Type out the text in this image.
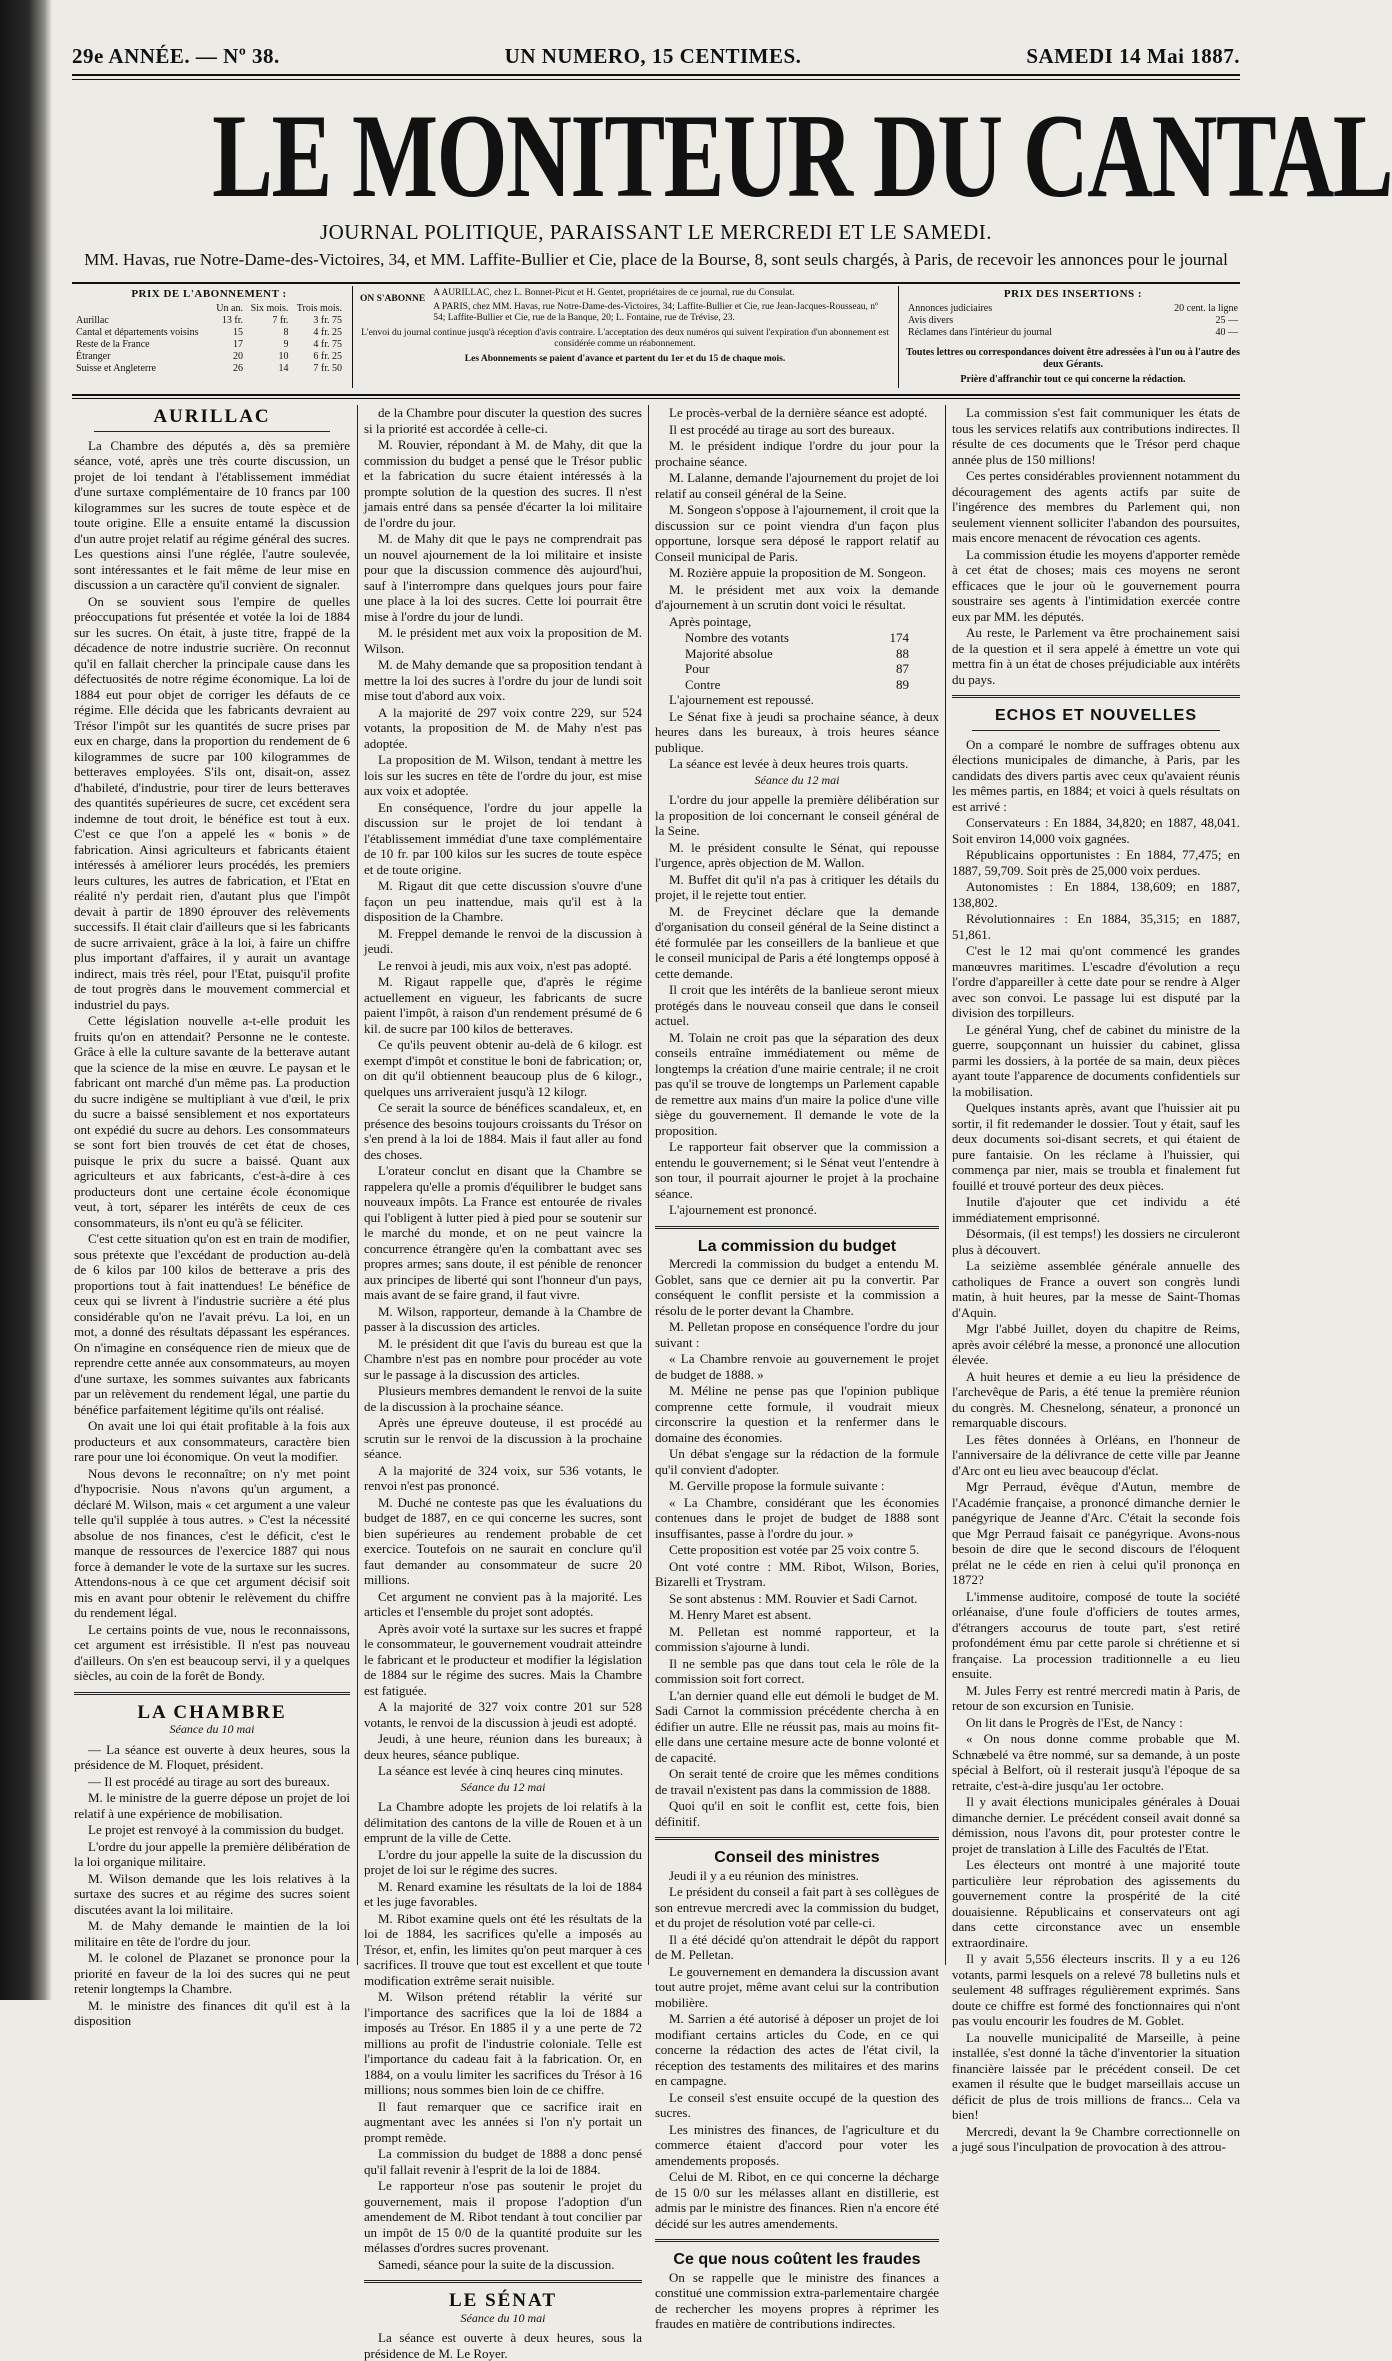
29e ANNÉE. — Nº 38.	UN NUMERO, 15 CENTIMES.	SAMEDI 14 Mai 1887.
LE MONITEUR DU CANTAL
JOURNAL POLITIQUE, PARAISSANT LE MERCREDI ET LE SAMEDI.
MM. Havas, rue Notre-Dame-des-Victoires, 34, et MM. Laffite-Bullier et Cie, place de la Bourse, 8, sont seuls chargés, à Paris, de recevoir les annonces pour le journal
PRIX DE L'ABONNEMENT :
	Un an.	Six mois.	Trois mois.
Aurillac	13 fr.	7 fr.	3 fr. 75
Cantal et départements voisins	15	8	4 fr. 25
Reste de la France	17	9	4 fr. 75
Étranger	20	10	6 fr. 25
Suisse et Angleterre	26	14	7 fr. 50
ON S'ABONNE
A AURILLAC, chez L. Bonnet-Picut et H. Gentet, propriétaires de ce journal, rue du Consulat.
A PARIS, chez MM. Havas, rue Notre-Dame-des-Victoires, 34; Laffite-Bullier et Cie, rue Jean-Jacques-Rousseau, nº 54; Laffite-Bullier et Cie, rue de la Banque, 20; L. Fontaine, rue de Trévise, 23.
L'envoi du journal continue jusqu'à réception d'avis contraire. L'acceptation des deux numéros qui suivent l'expiration d'un abonnement est considérée comme un réabonnement.
Les Abonnements se paient d'avance et partent du 1er et du 15 de chaque mois.
PRIX DES INSERTIONS :
Annonces judiciaires	20 cent. la ligne
Avis divers	25 —
Réclames dans l'intérieur du journal	40 —
Toutes lettres ou correspondances doivent être adressées à l'un ou à l'autre des deux Gérants.
Prière d'affranchir tout ce qui concerne la rédaction.

AURILLAC

La Chambre des députés a, dès sa première séance, voté, après une très courte discussion, un projet de loi tendant à l'établissement immédiat d'une surtaxe complémentaire de 10 francs par 100 kilogrammes sur les sucres de toute espèce et de toute origine. Elle a ensuite entamé la discussion d'un autre projet relatif au régime général des sucres. Les questions ainsi l'une réglée, l'autre soulevée, sont intéressantes et le fait même de leur mise en discussion a un caractère qu'il convient de signaler.

On se souvient sous l'empire de quelles préoccupations fut présentée et votée la loi de 1884 sur les sucres. On était, à juste titre, frappé de la décadence de notre industrie sucrière. On reconnut qu'il en fallait chercher la principale cause dans les défectuosités de notre régime économique. La loi de 1884 eut pour objet de corriger les défauts de ce régime. Elle décida que les fabricants devraient au Trésor l'impôt sur les quantités de sucre prises par eux en charge, dans la proportion du rendement de 6 kilogrammes de sucre par 100 kilogrammes de betteraves employées. S'ils ont, disait-on, assez d'habileté, d'industrie, pour tirer de leurs betteraves des quantités supérieures de sucre, cet excédent sera indemne de tout droit, le bénéfice est tout à eux. C'est ce que l'on a appelé les « bonis » de fabrication. Ainsi agriculteurs et fabricants étaient intéressés à améliorer leurs procédés, les premiers leurs cultures, les autres de fabrication, et l'Etat en réalité n'y perdait rien, d'autant plus que l'impôt devait à partir de 1890 éprouver des relèvements successifs. Il était clair d'ailleurs que si les fabricants de sucre arrivaient, grâce à la loi, à faire un chiffre plus important d'affaires, il y aurait un avantage indirect, mais très réel, pour l'Etat, puisqu'il profite de tout progrès dans le mouvement commercial et industriel du pays.

Cette législation nouvelle a-t-elle produit les fruits qu'on en attendait? Personne ne le conteste. Grâce à elle la culture savante de la betterave autant que la science de la mise en œuvre. Le paysan et le fabricant ont marché d'un même pas. La production du sucre indigène se multipliant à vue d'œil, le prix du sucre a baissé sensiblement et nos exportateurs ont expédié du sucre au dehors. Les consommateurs se sont fort bien trouvés de cet état de choses, puisque le prix du sucre a baissé. Quant aux agriculteurs et aux fabricants, c'est-à-dire à ces producteurs dont une certaine école économique veut, à tort, séparer les intérêts de ceux de ces consommateurs, ils n'ont eu qu'à se féliciter.

C'est cette situation qu'on est en train de modifier, sous prétexte que l'excédant de production au-delà de 6 kilos par 100 kilos de betterave a pris des proportions tout à fait inattendues! Le bénéfice de ceux qui se livrent à l'industrie sucrière a été plus considérable qu'on ne l'avait prévu. La loi, en un mot, a donné des résultats dépassant les espérances. On n'imagine en conséquence rien de mieux que de reprendre cette année aux consommateurs, au moyen d'une surtaxe, les sommes suivantes aux fabricants par un relèvement du rendement légal, une partie du bénéfice parfaitement légitime qu'ils ont réalisé.

On avait une loi qui était profitable à la fois aux producteurs et aux consommateurs, caractère bien rare pour une loi économique. On veut la modifier.

Nous devons le reconnaître; on n'y met point d'hypocrisie. Nous n'avons qu'un argument, a déclaré M. Wilson, mais « cet argument a une valeur telle qu'il supplée à tous autres. » C'est la nécessité absolue de nos finances, c'est le déficit, c'est le manque de ressources de l'exercice 1887 qui nous force à demander le vote de la surtaxe sur les sucres. Attendons-nous à ce que cet argument décisif soit mis en avant pour obtenir le relèvement du chiffre du rendement légal.

Le certains points de vue, nous le reconnaissons, cet argument est irrésistible. Il n'est pas nouveau d'ailleurs. On s'en est beaucoup servi, il y a quelques siècles, au coin de la forêt de Bondy.

LA CHAMBRE

Séance du 10 mai

— La séance est ouverte à deux heures, sous la présidence de M. Floquet, président.

— Il est procédé au tirage au sort des bureaux.

M. le ministre de la guerre dépose un projet de loi relatif à une expérience de mobilisation.

Le projet est renvoyé à la commission du budget.

L'ordre du jour appelle la première délibération de la loi organique militaire.

M. Wilson demande que les lois relatives à la surtaxe des sucres et au régime des sucres soient discutées avant la loi militaire.

M. de Mahy demande le maintien de la loi militaire en tête de l'ordre du jour.

M. le colonel de Plazanet se prononce pour la priorité en faveur de la loi des sucres qui ne peut retenir longtemps la Chambre.

M. le ministre des finances dit qu'il est à la disposition

de la Chambre pour discuter la question des sucres si la priorité est accordée à celle-ci.

M. Rouvier, répondant à M. de Mahy, dit que la commission du budget a pensé que le Trésor public et la fabrication du sucre étaient intéressés à la prompte solution de la question des sucres. Il n'est jamais entré dans sa pensée d'écarter la loi militaire de l'ordre du jour.

M. de Mahy dit que le pays ne comprendrait pas un nouvel ajournement de la loi militaire et insiste pour que la discussion commence dès aujourd'hui, sauf à l'interrompre dans quelques jours pour faire une place à la loi des sucres. Cette loi pourrait être mise à l'ordre du jour de lundi.

M. le président met aux voix la proposition de M. Wilson.

M. de Mahy demande que sa proposition tendant à mettre la loi des sucres à l'ordre du jour de lundi soit mise tout d'abord aux voix.

A la majorité de 297 voix contre 229, sur 524 votants, la proposition de M. de Mahy n'est pas adoptée.

La proposition de M. Wilson, tendant à mettre les lois sur les sucres en tête de l'ordre du jour, est mise aux voix et adoptée.

En conséquence, l'ordre du jour appelle la discussion sur le projet de loi tendant à l'établissement immédiat d'une taxe complémentaire de 10 fr. par 100 kilos sur les sucres de toute espèce et de toute origine.

M. Rigaut dit que cette discussion s'ouvre d'une façon un peu inattendue, mais qu'il est à la disposition de la Chambre.

M. Freppel demande le renvoi de la discussion à jeudi.

Le renvoi à jeudi, mis aux voix, n'est pas adopté.

M. Rigaut rappelle que, d'après le régime actuellement en vigueur, les fabricants de sucre paient l'impôt, à raison d'un rendement présumé de 6 kil. de sucre par 100 kilos de betteraves.

Ce qu'ils peuvent obtenir au-delà de 6 kilogr. est exempt d'impôt et constitue le boni de fabrication; or, on dit qu'il obtiennent beaucoup plus de 6 kilogr., quelques uns arriveraient jusqu'à 12 kilogr.

Ce serait la source de bénéfices scandaleux, et, en présence des besoins toujours croissants du Trésor on s'en prend à la loi de 1884. Mais il faut aller au fond des choses.

L'orateur conclut en disant que la Chambre se rappelera qu'elle a promis d'équilibrer le budget sans nouveaux impôts. La France est entourée de rivales qui l'obligent à lutter pied à pied pour se soutenir sur le marché du monde, et on ne peut vaincre la concurrence étrangère qu'en la combattant avec ses propres armes; sans doute, il est pénible de renoncer aux principes de liberté qui sont l'honneur d'un pays, mais avant de se faire grand, il faut vivre.

M. Wilson, rapporteur, demande à la Chambre de passer à la discussion des articles.

M. le président dit que l'avis du bureau est que la Chambre n'est pas en nombre pour procéder au vote sur le passage à la discussion des articles.

Plusieurs membres demandent le renvoi de la suite de la discussion à la prochaine séance.

Après une épreuve douteuse, il est procédé au scrutin sur le renvoi de la discussion à la prochaine séance.

A la majorité de 324 voix, sur 536 votants, le renvoi n'est pas prononcé.

M. Duché ne conteste pas que les évaluations du budget de 1887, en ce qui concerne les sucres, sont bien supérieures au rendement probable de cet exercice. Toutefois on ne saurait en conclure qu'il faut demander au consommateur de sucre 20 millions.

Cet argument ne convient pas à la majorité. Les articles et l'ensemble du projet sont adoptés.

Après avoir voté la surtaxe sur les sucres et frappé le consommateur, le gouvernement voudrait atteindre le fabricant et le producteur et modifier la législation de 1884 sur le régime des sucres. Mais la Chambre est fatiguée.

A la majorité de 327 voix contre 201 sur 528 votants, le renvoi de la discussion à jeudi est adopté.

Jeudi, à une heure, réunion dans les bureaux; à deux heures, séance publique.

La séance est levée à cinq heures cinq minutes.

Séance du 12 mai

La Chambre adopte les projets de loi relatifs à la délimitation des cantons de la ville de Rouen et à un emprunt de la ville de Cette.

L'ordre du jour appelle la suite de la discussion du projet de loi sur le régime des sucres.

M. Renard examine les résultats de la loi de 1884 et les juge favorables.

M. Ribot examine quels ont été les résultats de la loi de 1884, les sacrifices qu'elle a imposés au Trésor, et, enfin, les limites qu'on peut marquer à ces sacrifices. Il trouve que tout est excellent et que toute modification extrême serait nuisible.

M. Wilson prétend rétablir la vérité sur l'importance des sacrifices que la loi de 1884 a imposés au Trésor. En 1885 il y a une perte de 72 millions au profit de l'industrie coloniale. Telle est l'importance du cadeau fait à la fabrication. Or, en 1884, on a voulu limiter les sacrifices du Trésor à 16 millions; nous sommes bien loin de ce chiffre.

Il faut remarquer que ce sacrifice irait en augmentant avec les années si l'on n'y portait un prompt remède.

La commission du budget de 1888 a donc pensé qu'il fallait revenir à l'esprit de la loi de 1884.

Le rapporteur n'ose pas soutenir le projet du gouvernement, mais il propose l'adoption d'un amendement de M. Ribot tendant à tout concilier par un impôt de 15 0/0 de la quantité produite sur les mélasses d'ordres sucres provenant.

Samedi, séance pour la suite de la discussion.

LE SÉNAT

Séance du 10 mai

La séance est ouverte à deux heures, sous la présidence de M. Le Royer.

Le procès-verbal de la dernière séance est adopté.

Il est procédé au tirage au sort des bureaux.

M. le président indique l'ordre du jour pour la prochaine séance.

M. Lalanne, demande l'ajournement du projet de loi relatif au conseil général de la Seine.

M. Songeon s'oppose à l'ajournement, il croit que la discussion sur ce point viendra d'un façon plus opportune, lorsque sera déposé le rapport relatif au Conseil municipal de Paris.

M. Rozière appuie la proposition de M. Songeon.

M. le président met aux voix la demande d'ajournement à un scrutin dont voici le résultat.

Après pointage,

Nombre des votants	174
Majorité absolue	88
Pour	87
Contre	89

L'ajournement est repoussé.

Le Sénat fixe à jeudi sa prochaine séance, à deux heures dans les bureaux, à trois heures séance publique.

La séance est levée à deux heures trois quarts.

Séance du 12 mai

L'ordre du jour appelle la première délibération sur la proposition de loi concernant le conseil général de la Seine.

M. le président consulte le Sénat, qui repousse l'urgence, après objection de M. Wallon.

M. Buffet dit qu'il n'a pas à critiquer les détails du projet, il le rejette tout entier.

M. de Freycinet déclare que la demande d'organisation du conseil général de la Seine distinct a été formulée par les conseillers de la banlieue et que le conseil municipal de Paris a été longtemps opposé à cette demande.

Il croit que les intérêts de la banlieue seront mieux protégés dans le nouveau conseil que dans le conseil actuel.

M. Tolain ne croit pas que la séparation des deux conseils entraîne immédiatement ou même de longtemps la création d'une mairie centrale; il ne croit pas qu'il se trouve de longtemps un Parlement capable de remettre aux mains d'un maire la police d'une ville siège du gouvernement. Il demande le vote de la proposition.

Le rapporteur fait observer que la commission a entendu le gouvernement; si le Sénat veut l'entendre à son tour, il pourrait ajourner le projet à la prochaine séance.

L'ajournement est prononcé.

La commission du budget

Mercredi la commission du budget a entendu M. Goblet, sans que ce dernier ait pu la convertir. Par conséquent le conflit persiste et la commission a résolu de le porter devant la Chambre.

M. Pelletan propose en conséquence l'ordre du jour suivant :

« La Chambre renvoie au gouvernement le projet de budget de 1888. »

M. Méline ne pense pas que l'opinion publique comprenne cette formule, il voudrait mieux circonscrire la question et la renfermer dans le domaine des économies.

Un débat s'engage sur la rédaction de la formule qu'il convient d'adopter.

M. Gerville propose la formule suivante :

« La Chambre, considérant que les économies contenues dans le projet de budget de 1888 sont insuffisantes, passe à l'ordre du jour. »

Cette proposition est votée par 25 voix contre 5.

Ont voté contre : MM. Ribot, Wilson, Bories, Bizarelli et Trystram.

Se sont abstenus : MM. Rouvier et Sadi Carnot.

M. Henry Maret est absent.

M. Pelletan est nommé rapporteur, et la commission s'ajourne à lundi.

Il ne semble pas que dans tout cela le rôle de la commission soit fort correct.

L'an dernier quand elle eut démoli le budget de M. Sadi Carnot la commission précédente chercha à en édifier un autre. Elle ne réussit pas, mais au moins fit-elle dans une certaine mesure acte de bonne volonté et de capacité.

On serait tenté de croire que les mêmes conditions de travail n'existent pas dans la commission de 1888.

Quoi qu'il en soit le conflit est, cette fois, bien définitif.

Conseil des ministres

Jeudi il y a eu réunion des ministres.

Le président du conseil a fait part à ses collègues de son entrevue mercredi avec la commission du budget, et du projet de résolution voté par celle-ci.

Il a été décidé qu'on attendrait le dépôt du rapport de M. Pelletan.

Le gouvernement en demandera la discussion avant tout autre projet, même avant celui sur la contribution mobilière.

M. Sarrien a été autorisé à déposer un projet de loi modifiant certains articles du Code, en ce qui concerne la rédaction des actes de l'état civil, la réception des testaments des militaires et des marins en campagne.

Le conseil s'est ensuite occupé de la question des sucres.

Les ministres des finances, de l'agriculture et du commerce étaient d'accord pour voter les amendements proposés.

Celui de M. Ribot, en ce qui concerne la décharge de 15 0/0 sur les mélasses allant en distillerie, est admis par le ministre des finances. Rien n'a encore été décidé sur les autres amendements.

Ce que nous coûtent les fraudes

On se rappelle que le ministre des finances a constitué une commission extra-parlementaire chargée de rechercher les moyens propres à réprimer les fraudes en matière de contributions indirectes.

La commission s'est fait communiquer les états de tous les services relatifs aux contributions indirectes. Il résulte de ces documents que le Trésor perd chaque année plus de 150 millions!

Ces pertes considérables proviennent notamment du découragement des agents actifs par suite de l'ingérence des membres du Parlement qui, non seulement viennent solliciter l'abandon des poursuites, mais encore menacent de révocation ces agents.

La commission étudie les moyens d'apporter remède à cet état de choses; mais ces moyens ne seront efficaces que le jour où le gouvernement pourra soustraire ses agents à l'intimidation exercée contre eux par MM. les députés.

Au reste, le Parlement va être prochainement saisi de la question et il sera appelé à émettre un vote qui mettra fin à un état de choses préjudiciable aux intérêts du pays.

ECHOS ET NOUVELLES

On a comparé le nombre de suffrages obtenu aux élections municipales de dimanche, à Paris, par les candidats des divers partis avec ceux qu'avaient réunis les mêmes partis, en 1884; et voici à quels résultats on est arrivé :

Conservateurs : En 1884, 34,820; en 1887, 48,041. Soit environ 14,000 voix gagnées.

Républicains opportunistes : En 1884, 77,475; en 1887, 59,709. Soit près de 25,000 voix perdues.

Autonomistes : En 1884, 138,609; en 1887, 138,802.

Révolutionnaires : En 1884, 35,315; en 1887, 51,861.

C'est le 12 mai qu'ont commencé les grandes manœuvres maritimes. L'escadre d'évolution a reçu l'ordre d'appareiller à cette date pour se rendre à Alger avec son convoi. Le passage lui est disputé par la division des torpilleurs.

Le général Yung, chef de cabinet du ministre de la guerre, soupçonnant un huissier du cabinet, glissa parmi les dossiers, à la portée de sa main, deux pièces ayant toute l'apparence de documents confidentiels sur la mobilisation.

Quelques instants après, avant que l'huissier ait pu sortir, il fit redemander le dossier. Tout y était, sauf les deux documents soi-disant secrets, et qui étaient de pure fantaisie. On les réclame à l'huissier, qui commença par nier, mais se troubla et finalement fut fouillé et trouvé porteur des deux pièces.

Inutile d'ajouter que cet individu a été immédiatement emprisonné.

Désormais, (il est temps!) les dossiers ne circuleront plus à découvert.

La seizième assemblée générale annuelle des catholiques de France a ouvert son congrès lundi matin, à huit heures, par la messe de Saint-Thomas d'Aquin.

Mgr l'abbé Juillet, doyen du chapitre de Reims, après avoir célébré la messe, a prononcé une allocution élevée.

A huit heures et demie a eu lieu la présidence de l'archevêque de Paris, a été tenue la première réunion du congrès. M. Chesnelong, sénateur, a prononcé un remarquable discours.

Les fêtes données à Orléans, en l'honneur de l'anniversaire de la délivrance de cette ville par Jeanne d'Arc ont eu lieu avec beaucoup d'éclat.

Mgr Perraud, évêque d'Autun, membre de l'Académie française, a prononcé dimanche dernier le panégyrique de Jeanne d'Arc. C'était la seconde fois que Mgr Perraud faisait ce panégyrique. Avons-nous besoin de dire que le second discours de l'éloquent prélat ne le céde en rien à celui qu'il prononça en 1872?

L'immense auditoire, composé de toute la société orléanaise, d'une foule d'officiers de toutes armes, d'étrangers accourus de toute part, s'est retiré profondément ému par cette parole si chrétienne et si française. La procession traditionnelle a eu lieu ensuite.

M. Jules Ferry est rentré mercredi matin à Paris, de retour de son excursion en Tunisie.

On lit dans le Progrès de l'Est, de Nancy :

« On nous donne comme probable que M. Schnæbelé va être nommé, sur sa demande, à un poste spécial à Belfort, où il resterait jusqu'à l'époque de sa retraite, c'est-à-dire jusqu'au 1er octobre.

Il y avait élections municipales générales à Douai dimanche dernier. Le précédent conseil avait donné sa démission, nous l'avons dit, pour protester contre le projet de translation à Lille des Facultés de l'Etat.

Les électeurs ont montré à une majorité toute particulière leur réprobation des agissements du gouvernement contre la prospérité de la cité douaisienne. Républicains et conservateurs ont agi dans cette circonstance avec un ensemble extraordinaire.

Il y avait 5,556 électeurs inscrits. Il y a eu 126 votants, parmi lesquels on a relevé 78 bulletins nuls et seulement 48 suffrages régulièrement exprimés. Sans doute ce chiffre est formé des fonctionnaires qui n'ont pas voulu encourir les foudres de M. Goblet.

La nouvelle municipalité de Marseille, à peine installée, s'est donné la tâche d'inventorier la situation financière laissée par le précédent conseil. De cet examen il résulte que le budget marseillais accuse un déficit de plus de trois millions de francs... Cela va bien!

Mercredi, devant la 9e Chambre correctionnelle on a jugé sous l'inculpation de provocation à des attrou-
